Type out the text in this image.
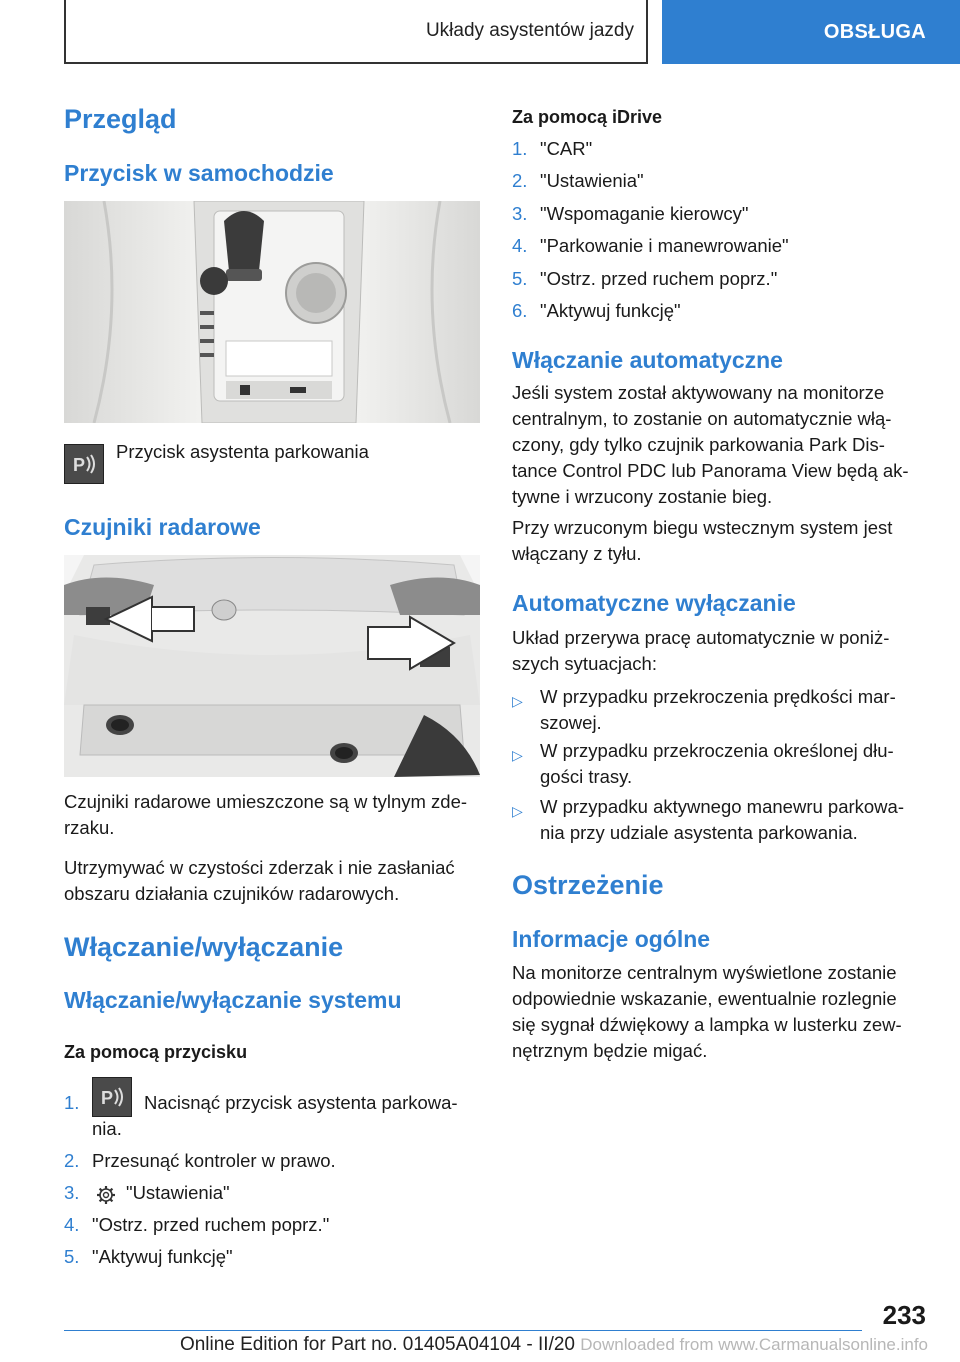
Układy asystentów jazdy	OBSŁUGA
Przegląd
Przycisk w samochodzie
P
Przycisk asystenta parkowania
Czujniki radarowe
Czujniki radarowe umieszczone są w tylnym zde-
rzaku.
Utrzymywać w czystości zderzak i nie zasłaniać
obszaru działania czujników radarowych.
Włączanie/wyłączanie
Włączanie/wyłączanie systemu
Za pomocą przycisku
1. P Nacisnąć przycisk asystenta parkowa-
nia.
2. Przesunąć kontroler w prawo.
3.	"Ustawienia"
4. "Ostrz. przed ruchem poprz."
5. "Aktywuj funkcję"
Za pomocą iDrive
1. "CAR"
2. "Ustawienia"
3. "Wspomaganie kierowcy"
4. "Parkowanie i manewrowanie"
5. "Ostrz. przed ruchem poprz."
6. "Aktywuj funkcję"
Włączanie automatyczne
Jeśli system został aktywowany na monitorze
centralnym, to zostanie on automatycznie włą-
czony, gdy tylko czujnik parkowania Park Dis-
tance Control PDC lub Panorama View będą ak-
tywne i wrzucony zostanie bieg.
Przy wrzuconym biegu wstecznym system jest
włączany z tyłu.
Automatyczne wyłączanie
Układ przerywa pracę automatycznie w poniż-
szych sytuacjach:
▷ W przypadku przekroczenia prędkości mar-
szowej.
▷ W przypadku przekroczenia określonej dłu-
gości trasy.
▷ W przypadku aktywnego manewru parkowa-
nia przy udziale asystenta parkowania.
Ostrzeżenie
Informacje ogólne
Na monitorze centralnym wyświetlone zostanie
odpowiednie wskazanie, ewentualnie rozlegnie
się sygnał dźwiękowy a lampka w lusterku zew-
nętrznym będzie migać.
233
Online Edition for Part no. 01405A04104 - II/20 Downloaded from www.Carmanualsonline.info
